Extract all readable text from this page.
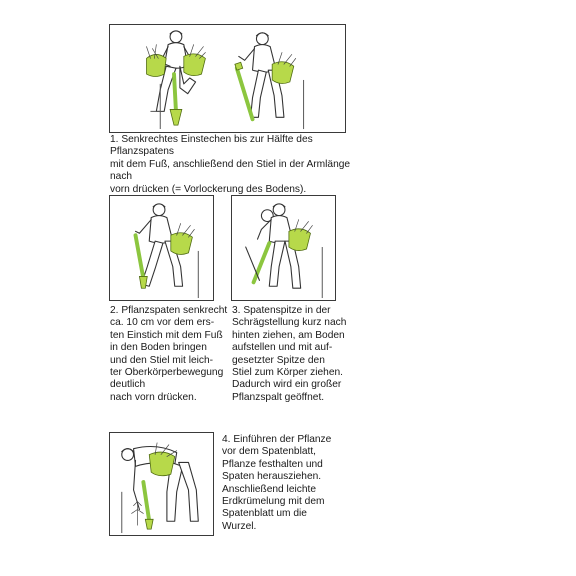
1. Senkrechtes Einstechen bis zur Hälfte des Pflanzspatens
mit dem Fuß, anschließend den Stiel in der Armlänge nach
vorn drücken (= Vorlockerung des Bodens).

2. Pflanzspaten senkrecht
ca. 10 cm vor dem ers-
ten Einstich mit dem Fuß
in den Boden bringen
und den Stiel mit leich-
ter Oberkörperbewegung
deutlich
nach vorn drücken.

3. Spatenspitze in der
Schrägstellung kurz nach
hinten ziehen, am Boden
aufstellen und mit auf-
gesetzter Spitze den
Stiel zum Körper ziehen.
Dadurch wird ein großer
Pflanzspalt geöffnet.

4. Einführen der Pflanze
vor dem Spatenblatt,
Pflanze festhalten und
Spaten herausziehen.
Anschließend leichte
Erdkrümelung mit dem
Spatenblatt um die
Wurzel.
